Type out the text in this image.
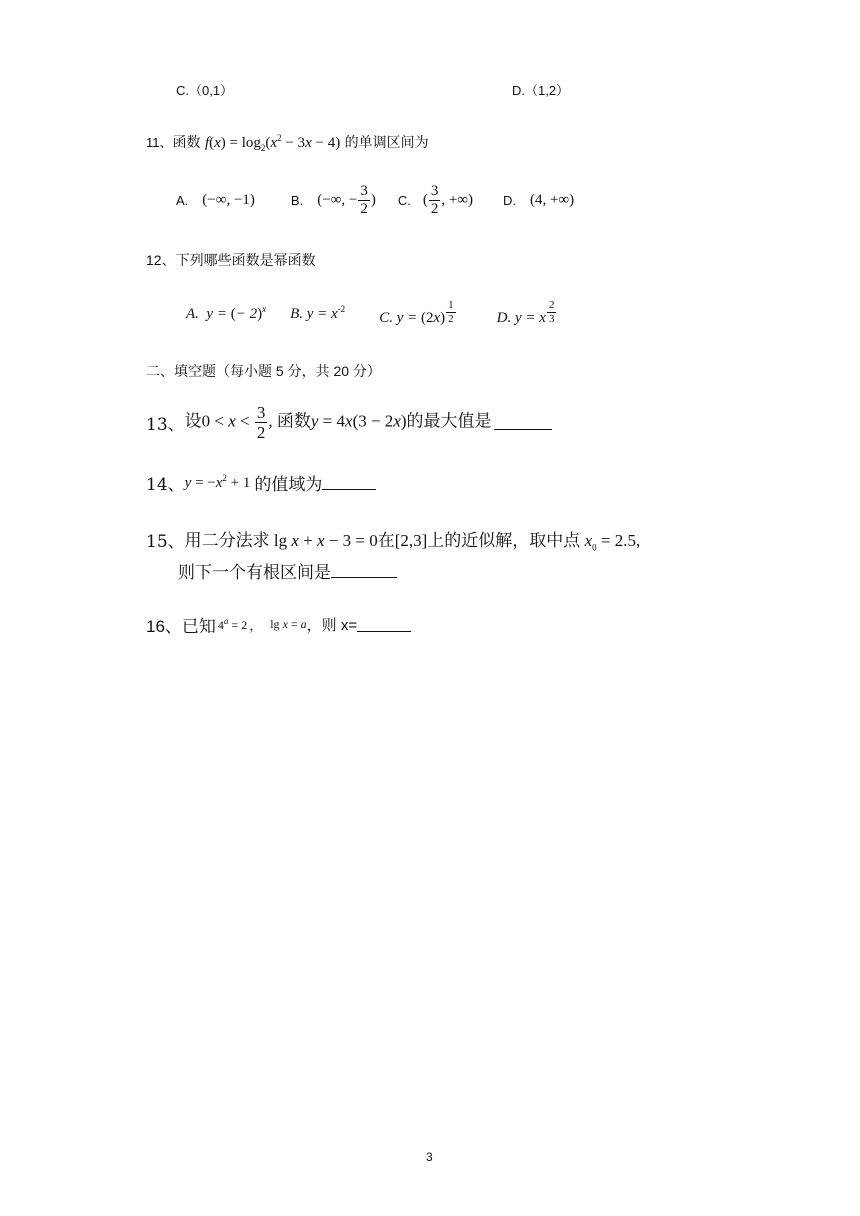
C.（0,1）	D.（1,2）
11、函数 $f(x) = \log_2(x^2 - 3x - 4)$ 的单调区间为
A. (−∞, −1)	B. (−∞, − $\frac{3}{2}$ ) C. ( $\frac{3}{2}$ , +∞) D. (4, +∞)
12、下列哪些函数是幂函数
A.  y = (− 2)$^x$ B. $y = x^{-2}$
C. $y = (2x) \frac{1}{2}$	D. y = x $\frac{2}{3}$
二、填空题（每小题 5 分，共 20 分）
13、 设$0 < x < \frac{3}{2}$ , 函数y = 4x(3 − 2x)的最大值是
14、 $y = -x^2 + 1$ 的值域为
15、 用二分法求 lg x + x − 3 = 0在[2,3]上的近似解，取中点 $x_0 = 2.5$,
则下一个有根区间是
16、 已知 $4^a = 2$ ， lg x = a ，则 x=
3
